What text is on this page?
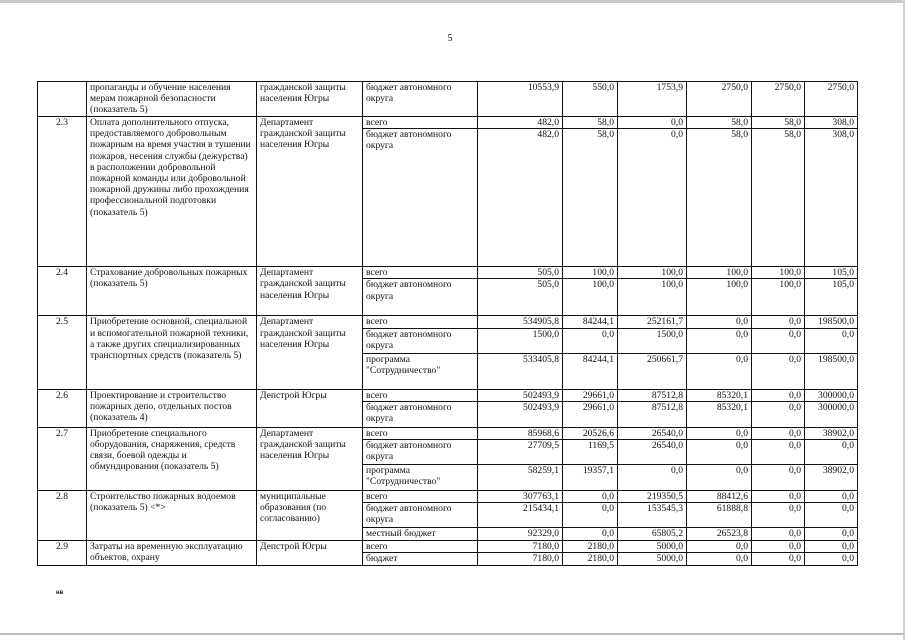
5
	пропаганды и обучение населения мерам пожарной безопасности (показатель 5)	гражданской защиты населения Югры	бюджет автономного округа	10553,9	550,0	1753,9	2750,0	2750,0	2750,0
2.3	Оплата дополнительного отпуска, предоставляемого добровольным пожарным на время участия в тушении пожаров, несения службы (дежурства) в расположении добровольной пожарной команды или добровольной пожарной дружины либо прохождения профессиональной подготовки (показатель 5)	Департамент гражданской защиты населения Югры	всего	482,0	58,0	0,0	58,0	58,0	308,0
			бюджет автономного округа	482,0	58,0	0,0	58,0	58,0	308,0
2.4	Страхование добровольных пожарных (показатель 5)	Департамент гражданской защиты населения Югры	всего	505,0	100,0	100,0	100,0	100,0	105,0
			бюджет автономного округа	505,0	100,0	100,0	100,0	100,0	105,0
2.5	Приобретение основной, специальной и вспомогательной пожарной техники, а также других специализированных транспортных средств (показатель 5)	Департамент гражданской защиты населения Югры	всего	534905,8	84244,1	252161,7	0,0	0,0	198500,0
			бюджет автономного округа	1500,0	0,0	1500,0	0,0	0,0	0,0
			программа "Сотрудничество"	533405,8	84244,1	250661,7	0,0	0,0	198500,0
2.6	Проектирование и строительство пожарных депо, отдельных постов (показатель 4)	Депстрой Югры	всего	502493,9	29661,0	87512,8	85320,1	0,0	300000,0
			бюджет автономного округа	502493,9	29661,0	87512,8	85320,1	0,0	300000,0
2.7	Приобретение специального оборудования, снаряжения, средств связи, боевой одежды и обмундирования (показатель 5)	Департамент гражданской защиты населения Югры	всего	85968,6	20526,6	26540,0	0,0	0,0	38902,0
			бюджет автономного округа	27709,5	1169,5	26540,0	0,0	0,0	0,0
			программа "Сотрудничество"	58259,1	19357,1	0,0	0,0	0,0	38902,0
2.8	Строительство пожарных водоемов (показатель 5) <*>	муниципальные образования (по согласованию)	всего	307763,1	0,0	219350,5	88412,6	0,0	0,0
			бюджет автономного округа	215434,1	0,0	153545,3	61888,8	0,0	0,0
			местный бюджет	92329,0	0,0	65805,2	26523,8	0,0	0,0
2.9	Затраты на временную эксплуатацию объектов, охрану	Депстрой Югры	всего	7180,0	2180,0	5000,0	0,0	0,0	0,0
			бюджет	7180,0	2180,0	5000,0	0,0	0,0	0,0
нв
